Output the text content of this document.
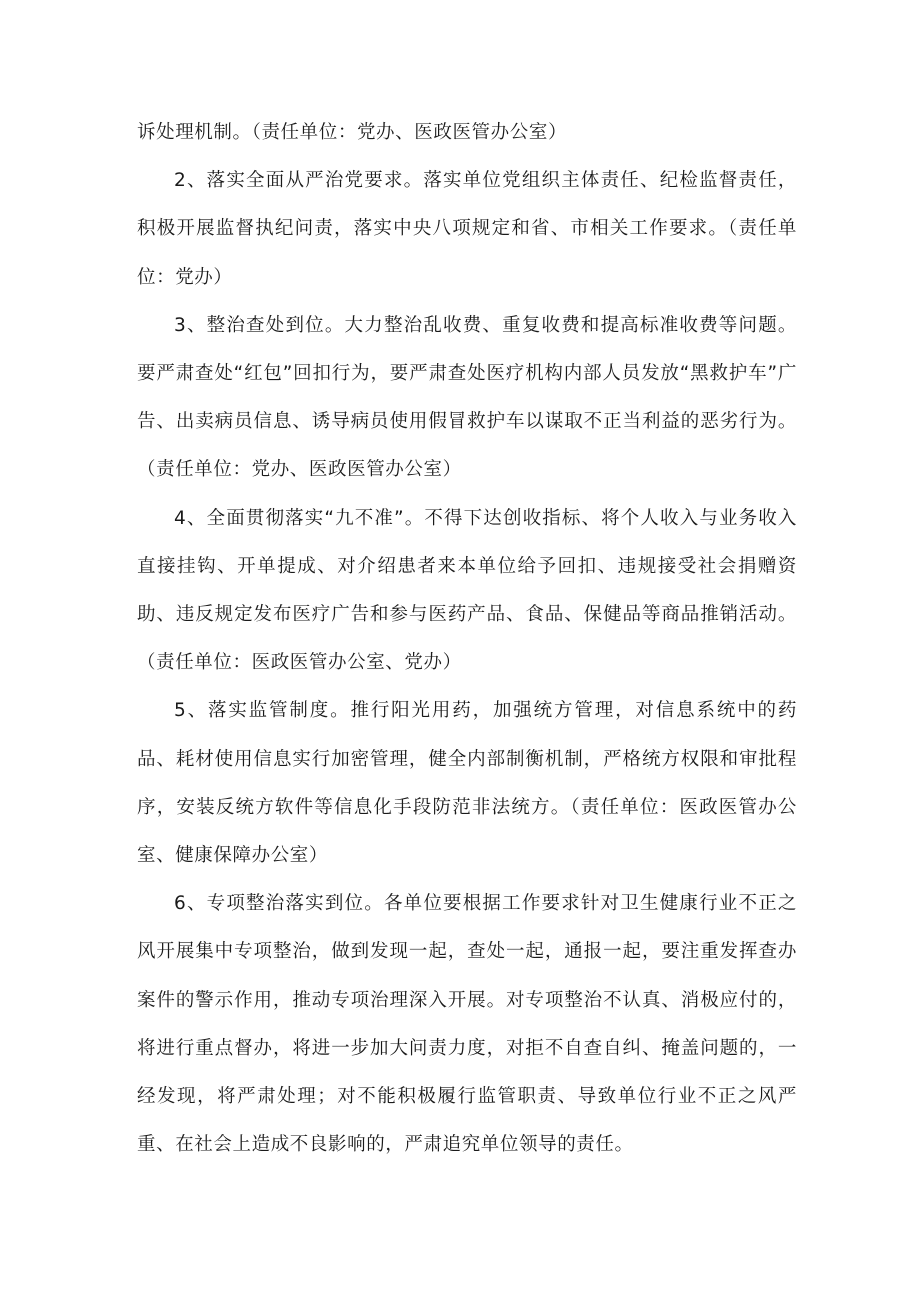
诉处理机制。（责任单位：党办、医政医管办公室）

2、落实全面从严治党要求。落实单位党组织主体责任、纪检监督责任，积极开展监督执纪问责，落实中央八项规定和省、市相关工作要求。（责任单位：党办）

3、整治查处到位。大力整治乱收费、重复收费和提高标准收费等问题。要严肃查处“红包”回扣行为，要严肃查处医疗机构内部人员发放“黑救护车”广告、出卖病员信息、诱导病员使用假冒救护车以谋取不正当利益的恶劣行为。（责任单位：党办、医政医管办公室）

4、全面贯彻落实“九不准”。不得下达创收指标、将个人收入与业务收入直接挂钩、开单提成、对介绍患者来本单位给予回扣、违规接受社会捐赠资助、违反规定发布医疗广告和参与医药产品、食品、保健品等商品推销活动。（责任单位：医政医管办公室、党办）

5、落实监管制度。推行阳光用药，加强统方管理，对信息系统中的药品、耗材使用信息实行加密管理，健全内部制衡机制，严格统方权限和审批程序，安装反统方软件等信息化手段防范非法统方。（责任单位：医政医管办公室、健康保障办公室）

6、专项整治落实到位。各单位要根据工作要求针对卫生健康行业不正之风开展集中专项整治，做到发现一起，查处一起，通报一起，要注重发挥查办案件的警示作用，推动专项治理深入开展。对专项整治不认真、消极应付的，将进行重点督办，将进一步加大问责力度，对拒不自查自纠、掩盖问题的，一经发现，将严肃处理；对不能积极履行监管职责、导致单位行业不正之风严重、在社会上造成不良影响的，严肃追究单位领导的责任。
